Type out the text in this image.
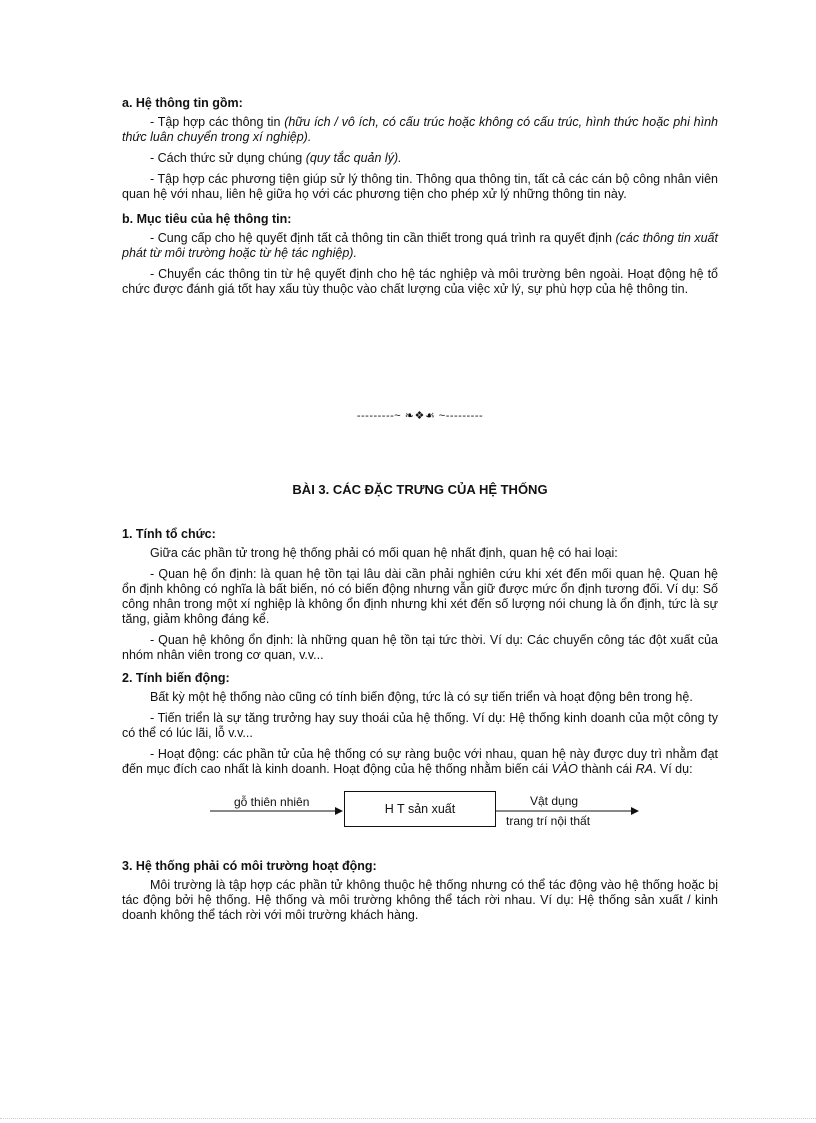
a. Hệ thông tin gồm:

- Tập hợp các thông tin (hữu ích / vô ích, có cấu trúc hoặc không có cấu trúc, hình thức hoặc phi hình thức luân chuyển trong xí nghiệp).

- Cách thức sử dụng chúng (quy tắc quản lý).

- Tập hợp các phương tiện giúp sử lý thông tin. Thông qua thông tin, tất cả các cán bộ công nhân viên quan hệ với nhau, liên hệ giữa họ với các phương tiện cho phép xử lý những thông tin này.

b. Mục tiêu của hệ thông tin:

- Cung cấp cho hệ quyết định tất cả thông tin cần thiết trong quá trình ra quyết định (các thông tin xuất phát từ môi trường hoặc từ hệ tác nghiệp).

- Chuyển các thông tin từ hệ quyết định cho hệ tác nghiệp và môi trường bên ngoài. Hoạt động hệ tổ chức được đánh giá tốt hay xấu tùy thuộc vào chất lượng của việc xử lý, sự phù hợp của hệ thông tin.

---------~ ❧❖☙ ~---------
BÀI 3. CÁC ĐẶC TRƯNG CỦA HỆ THỐNG

1. Tính tổ chức:

Giữa các phần tử trong hệ thống phải có mối quan hệ nhất định, quan hệ có hai loại:

- Quan hệ ổn định: là quan hệ tồn tại lâu dài cần phải nghiên cứu khi xét đến mối quan hệ. Quan hệ ổn định không có nghĩa là bất biến, nó có biến động nhưng vẫn giữ được mức ổn định tương đối. Ví dụ: Số công nhân trong một xí nghiệp là không ổn định nhưng khi xét đến số lượng nói chung là ổn định, tức là sự tăng, giảm không đáng kể.

- Quan hệ không ổn định: là những quan hệ tồn tại tức thời. Ví dụ: Các chuyến công tác đột xuất của nhóm nhân viên trong cơ quan, v.v...

2. Tính biến động:

Bất kỳ một hệ thống nào cũng có tính biến động, tức là có sự tiến triển và hoạt động bên trong hệ.

- Tiến triển là sự tăng trưởng hay suy thoái của hệ thống. Ví dụ: Hệ thống kinh doanh của một công ty có thể có lúc lãi, lỗ v.v...

- Hoạt động: các phần tử của hệ thống có sự ràng buộc với nhau, quan hệ này được duy trì nhằm đạt đến mục đích cao nhất là kinh doanh. Hoạt động của hệ thống nhằm biến cái VÀO thành cái RA. Ví dụ:

gỗ thiên nhiên	H T sản xuất
Vật dụng
trang trí nội thất

3. Hệ thống phải có môi trường hoạt động:

Môi trường là tập hợp các phần tử không thuộc hệ thống nhưng có thể tác động vào hệ thống hoặc bị tác động bởi hệ thống. Hệ thống và môi trường không thể tách rời nhau. Ví dụ: Hệ thống sản xuất / kinh doanh không thể tách rời với môi trường khách hàng.
